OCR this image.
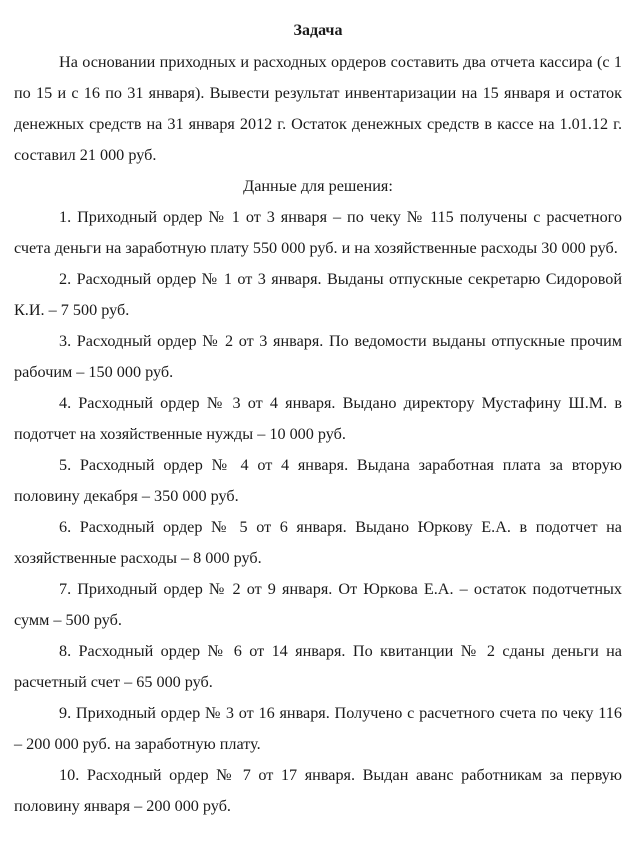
Задача

На основании приходных и расходных ордеров составить два отчета кассира (с 1 по 15 и с 16 по 31 января). Вывести результат инвентаризации на 15 января и остаток денежных средств на 31 января 2012 г. Остаток денежных средств в кассе на 1.01.12 г. составил 21 000 руб.

Данные для решения:

1. Приходный ордер № 1 от 3 января – по чеку № 115 получены с расчетного счета деньги на заработную плату 550 000 руб. и на хозяйственные расходы 30 000 руб.

2. Расходный ордер № 1 от 3 января. Выданы отпускные секретарю Сидоровой К.И. – 7 500 руб.

3. Расходный ордер № 2 от 3 января. По ведомости выданы отпускные прочим рабочим – 150 000 руб.

4. Расходный ордер № 3 от 4 января. Выдано директору Мустафину Ш.М. в подотчет на хозяйственные нужды – 10 000 руб.

5. Расходный ордер № 4 от 4 января. Выдана заработная плата за вторую половину декабря – 350 000 руб.

6. Расходный ордер № 5 от 6 января. Выдано Юркову Е.А. в подотчет на хозяйственные расходы – 8 000 руб.

7. Приходный ордер № 2 от 9 января. От Юркова Е.А. – остаток подотчетных сумм – 500 руб.

8. Расходный ордер № 6 от 14 января. По квитанции № 2 сданы деньги на расчетный счет – 65 000 руб.

9. Приходный ордер № 3 от 16 января. Получено с расчетного счета по чеку 116 – 200 000 руб. на заработную плату.

10. Расходный ордер № 7 от 17 января. Выдан аванс работникам за первую половину января – 200 000 руб.
